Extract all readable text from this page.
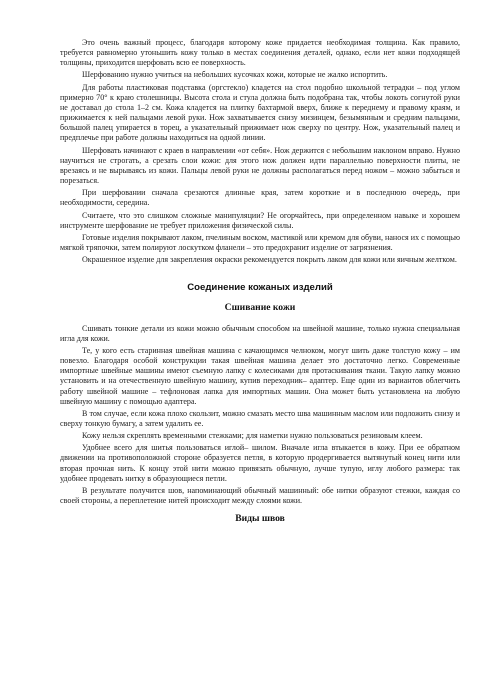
Это очень важный процесс, благодаря которому коже придается необходимая толщина. Как правило, требуется равномерно утоньшить кожу только в местах соединения деталей, однако, если нет кожи подходящей толщины, приходится шерфовать всю ее поверхность.

Шерфованию нужно учиться на небольших кусочках кожи, которые не жалко испортить.

Для работы пластиковая подставка (оргстекло) кладется на стол подобно школьной тетрадки – под углом примерно 70° к краю столешницы. Высота стола и стула должна быть подобрана так, чтобы локоть согнутой руки не доставал до стола 1–2 см. Кожа кладется на плитку бахтармой вверх, ближе к переднему и правому краям, и прижимается к ней пальцами левой руки. Нож захватывается снизу мизинцем, безымянным и средним пальцами, большой палец упирается в торец, а указательный прижимает нож сверху по центру. Нож, указательный палец и предплечье при работе должны находиться на одной линии.

Шерфовать начинают с краев в направлении «от себя». Нож держится с небольшим наклоном вправо. Нужно научиться не строгать, а срезать слои кожи: для этого нож должен идти параллельно поверхности плиты, не врезаясь и не вырываясь из кожи. Пальцы левой руки не должны располагаться перед ножом – можно забыться и порезаться.

При шерфовании сначала срезаются длинные края, затем короткие и в последнюю очередь, при необходимости, середина.

Считаете, что это слишком сложные манипуляции? Не огорчайтесь, при определенном навыке и хорошем инструменте шерфование не требует приложения физической силы.

Готовые изделия покрывают лаком, пчелиным воском, мастикой или кремом для обуви, нанося их с помощью мягкой тряпочки, затем полируют лоскутком фланели – это предохранит изделие от загрязнения.

Окрашенное изделие для закрепления окраски рекомендуется покрыть лаком для кожи или яичным желтком.

Соединение кожаных изделий
Сшивание кожи

Сшивать тонкие детали из кожи можно обычным способом на швейной машине, только нужна специальная игла для кожи.

Те, у кого есть старинная швейная машина с качающимся челноком, могут шить даже толстую кожу – им повезло. Благодаря особой конструкции такая швейная машина делает это достаточно легко. Современные импортные швейные машины имеют съемную лапку с колесиками для протаскивания ткани. Такую лапку можно установить и на отечественную швейную машину, купив переходник– адаптер. Еще один из вариантов облегчить работу швейной машине – тефлоновая лапка для импортных машин. Она может быть установлена на любую швейную машину с помощью адаптера.

В том случае, если кожа плохо скользит, можно смазать место шва машинным маслом или подложить снизу и сверху тонкую бумагу, а затем удалить ее.

Кожу нельзя скреплять временными стежками; для наметки нужно пользоваться резиновым клеем.

Удобнее всего для шитья пользоваться иглой– шилом. Вначале игла втыкается в кожу. При ее обратном движении на противоположной стороне образуется петля, в которую продергивается вытянутый конец нити или вторая прочная нить. К концу этой нити можно привязать обычную, лучше тупую, иглу любого размера: так удобнее продевать нитку в образующиеся петли.

В результате получится шов, напоминающий обычный машинный: обе нитки образуют стежки, каждая со своей стороны, а переплетение нитей происходит между слоями кожи.

Виды швов
